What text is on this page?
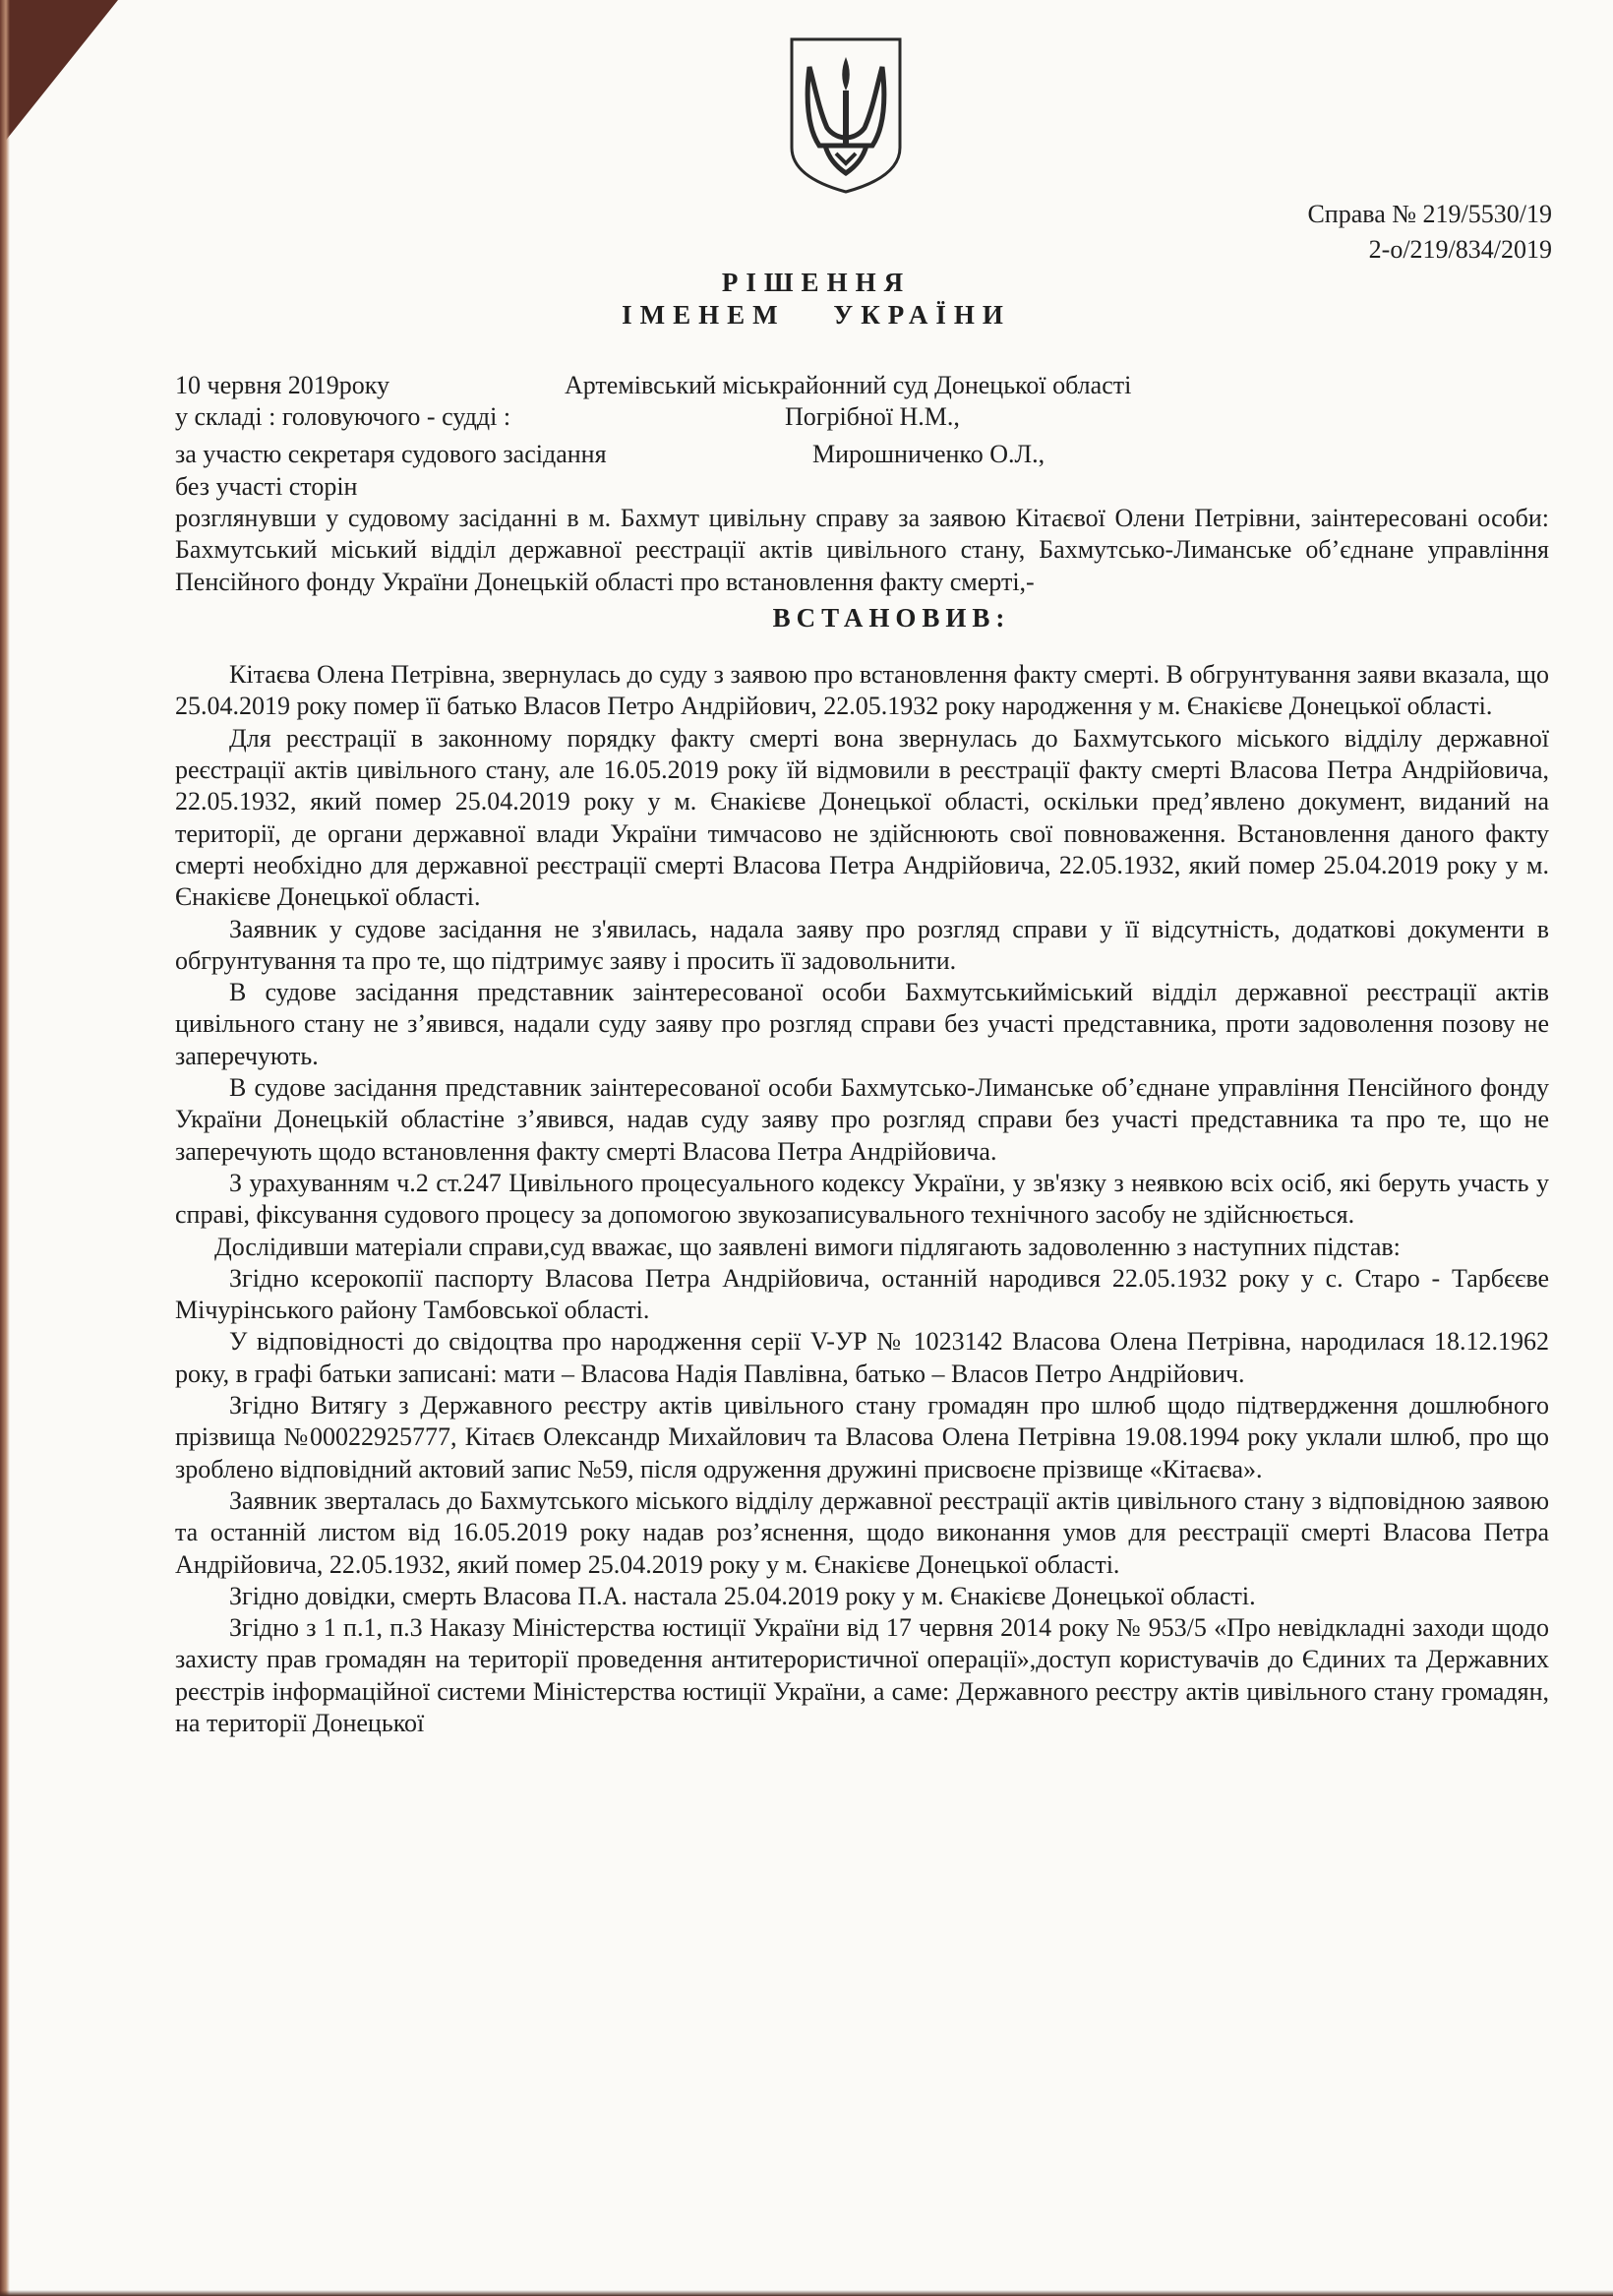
Справа № 219/5530/19
2-о/219/834/2019
РІШЕННЯ
ІМЕНЕМ УКРАЇНИ
10 червня 2019року	Артемівський міськрайонний суд Донецької області
у складі : головуючого - судді :	Погрібної Н.М.,
за участю секретаря судового засідання	Мирошниченко О.Л.,
без участі сторін

розглянувши у судовому засіданні в м. Бахмут цивільну справу за заявою Кітаєвої Олени Петрівни, заінтересовані особи: Бахмутський міський відділ державної реєстрації актів цивільного стану, Бахмутсько-Лиманське об’єднане управління Пенсійного фонду України Донецькій області про встановлення факту смерті,-

ВСТАНОВИВ:

Кітаєва Олена Петрівна, звернулась до суду з заявою про встановлення факту смерті. В обгрунтування заяви вказала, що 25.04.2019 року помер її батько Власов Петро Андрійович, 22.05.1932 року народження у м. Єнакієве Донецької області.

Для реєстрації в законному порядку факту смерті вона звернулась до Бахмутського міського відділу державної реєстрації актів цивільного стану, але 16.05.2019 року їй відмовили в реєстрації факту смерті Власова Петра Андрійовича, 22.05.1932, який помер 25.04.2019 року у м. Єнакієве Донецької області, оскільки пред’явлено документ, виданий на території, де органи державної влади України тимчасово не здійснюють свої повноваження. Встановлення даного факту смерті необхідно для державної реєстрації смерті Власова Петра Андрійовича, 22.05.1932, який помер 25.04.2019 року у м. Єнакієве Донецької області.

Заявник у судове засідання не з'явилась, надала заяву про розгляд справи у її відсутність, додаткові документи в обгрунтування та про те, що підтримує заяву і просить її задовольнити.

В судове засідання представник заінтересованої особи Бахмутськиймiський відділ державної реєстрації актів цивільного стану не з’явився, надали суду заяву про розгляд справи без участі представника, проти задоволення позову не заперечують.

В судове засідання представник заінтересованої особи Бахмутсько-Лиманське об’єднане управління Пенсійного фонду України Донецькій областіне з’явився, надав суду заяву про розгляд справи без участі представника та про те, що не заперечують щодо встановлення факту смерті Власова Петра Андрійовича.

З урахуванням ч.2 ст.247 Цивільного процесуального кодексу України, у зв'язку з неявкою всіх осіб, які беруть участь у справі, фіксування судового процесу за допомогою звукозаписувального технічного засобу не здійснюється.

Дослідивши матеріали справи,суд вважає, що заявлені вимоги підлягають задоволенню з наступних підстав:

Згідно ксерокопії паспорту Власова Петра Андрійовича, останній народився 22.05.1932 року у с. Старо - Тарбєєве Мічурінського району Тамбовської області.

У відповідності до свідоцтва про народження серії V-УР № 1023142 Власова Олена Петрівна, народилася 18.12.1962 року, в графі батьки записані: мати – Власова Надія Павлівна, батько – Власов Петро Андрійович.

Згідно Витягу з Державного реєстру актів цивільного стану громадян про шлюб щодо підтвердження дошлюбного прізвища №00022925777, Кітаєв Олександр Михайлович та Власова Олена Петрівна 19.08.1994 року уклали шлюб, про що зроблено відповідний актовий запис №59, після одруження дружині присвоєне прізвище «Кітаєва».

Заявник зверталась до Бахмутського міського відділу державної реєстрації актів цивільного стану з відповідною заявою та останній листом від 16.05.2019 року надав роз’яснення, щодо виконання умов для реєстрації смерті Власова Петра Андрійовича, 22.05.1932, який помер 25.04.2019 року у м. Єнакієве Донецької області.

Згідно довідки, смерть Власова П.А. настала 25.04.2019 року у м. Єнакієве Донецької області.

Згідно з 1 п.1, п.3 Наказу Міністерства юстиції України від 17 червня 2014 року № 953/5 «Про невідкладні заходи щодо захисту прав громадян на території проведення антитерористичної операції»,доступ користувачів до Єдиних та Державних реєстрів інформаційної системи Міністерства юстиції України, а саме: Державного реєстру актів цивільного стану громадян, на території Донецької
